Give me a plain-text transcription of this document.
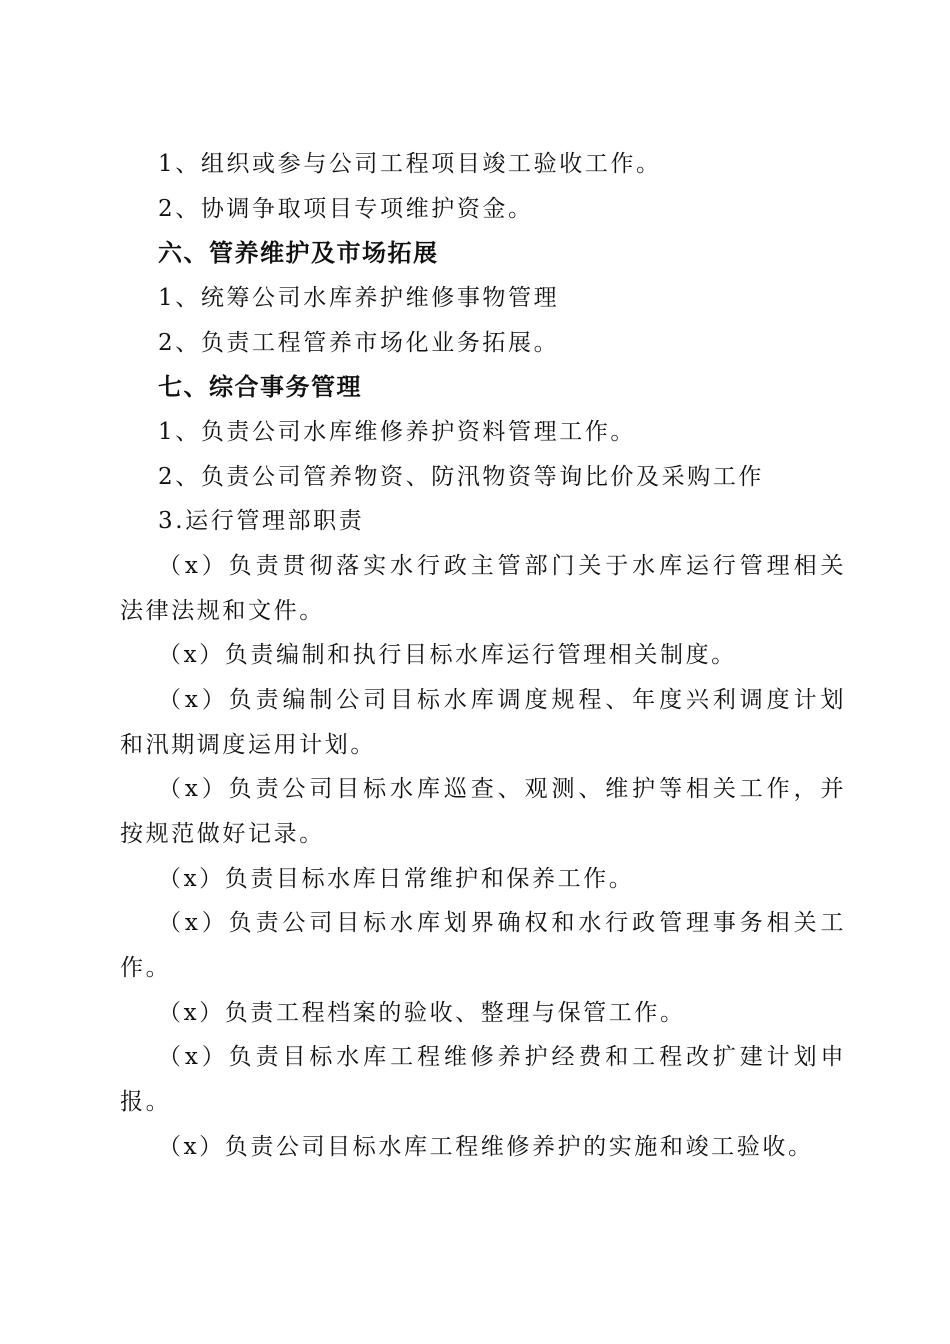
1、组织或参与公司工程项目竣工验收工作。
2、协调争取项目专项维护资金。
六、管养维护及市场拓展
1、统筹公司水库养护维修事物管理
2、负责工程管养市场化业务拓展。
七、综合事务管理
1、负责公司水库维修养护资料管理工作。
2、负责公司管养物资、防汛物资等询比价及采购工作
3.运行管理部职责
（x）负责贯彻落实水行政主管部门关于水库运行管理相关
法律法规和文件。
（x）负责编制和执行目标水库运行管理相关制度。
（x）负责编制公司目标水库调度规程、年度兴利调度计划
和汛期调度运用计划。
（x）负责公司目标水库巡查、观测、维护等相关工作，并
按规范做好记录。
（x）负责目标水库日常维护和保养工作。
（x）负责公司目标水库划界确权和水行政管理事务相关工
作。
（x）负责工程档案的验收、整理与保管工作。
（x）负责目标水库工程维修养护经费和工程改扩建计划申
报。
（x）负责公司目标水库工程维修养护的实施和竣工验收。
